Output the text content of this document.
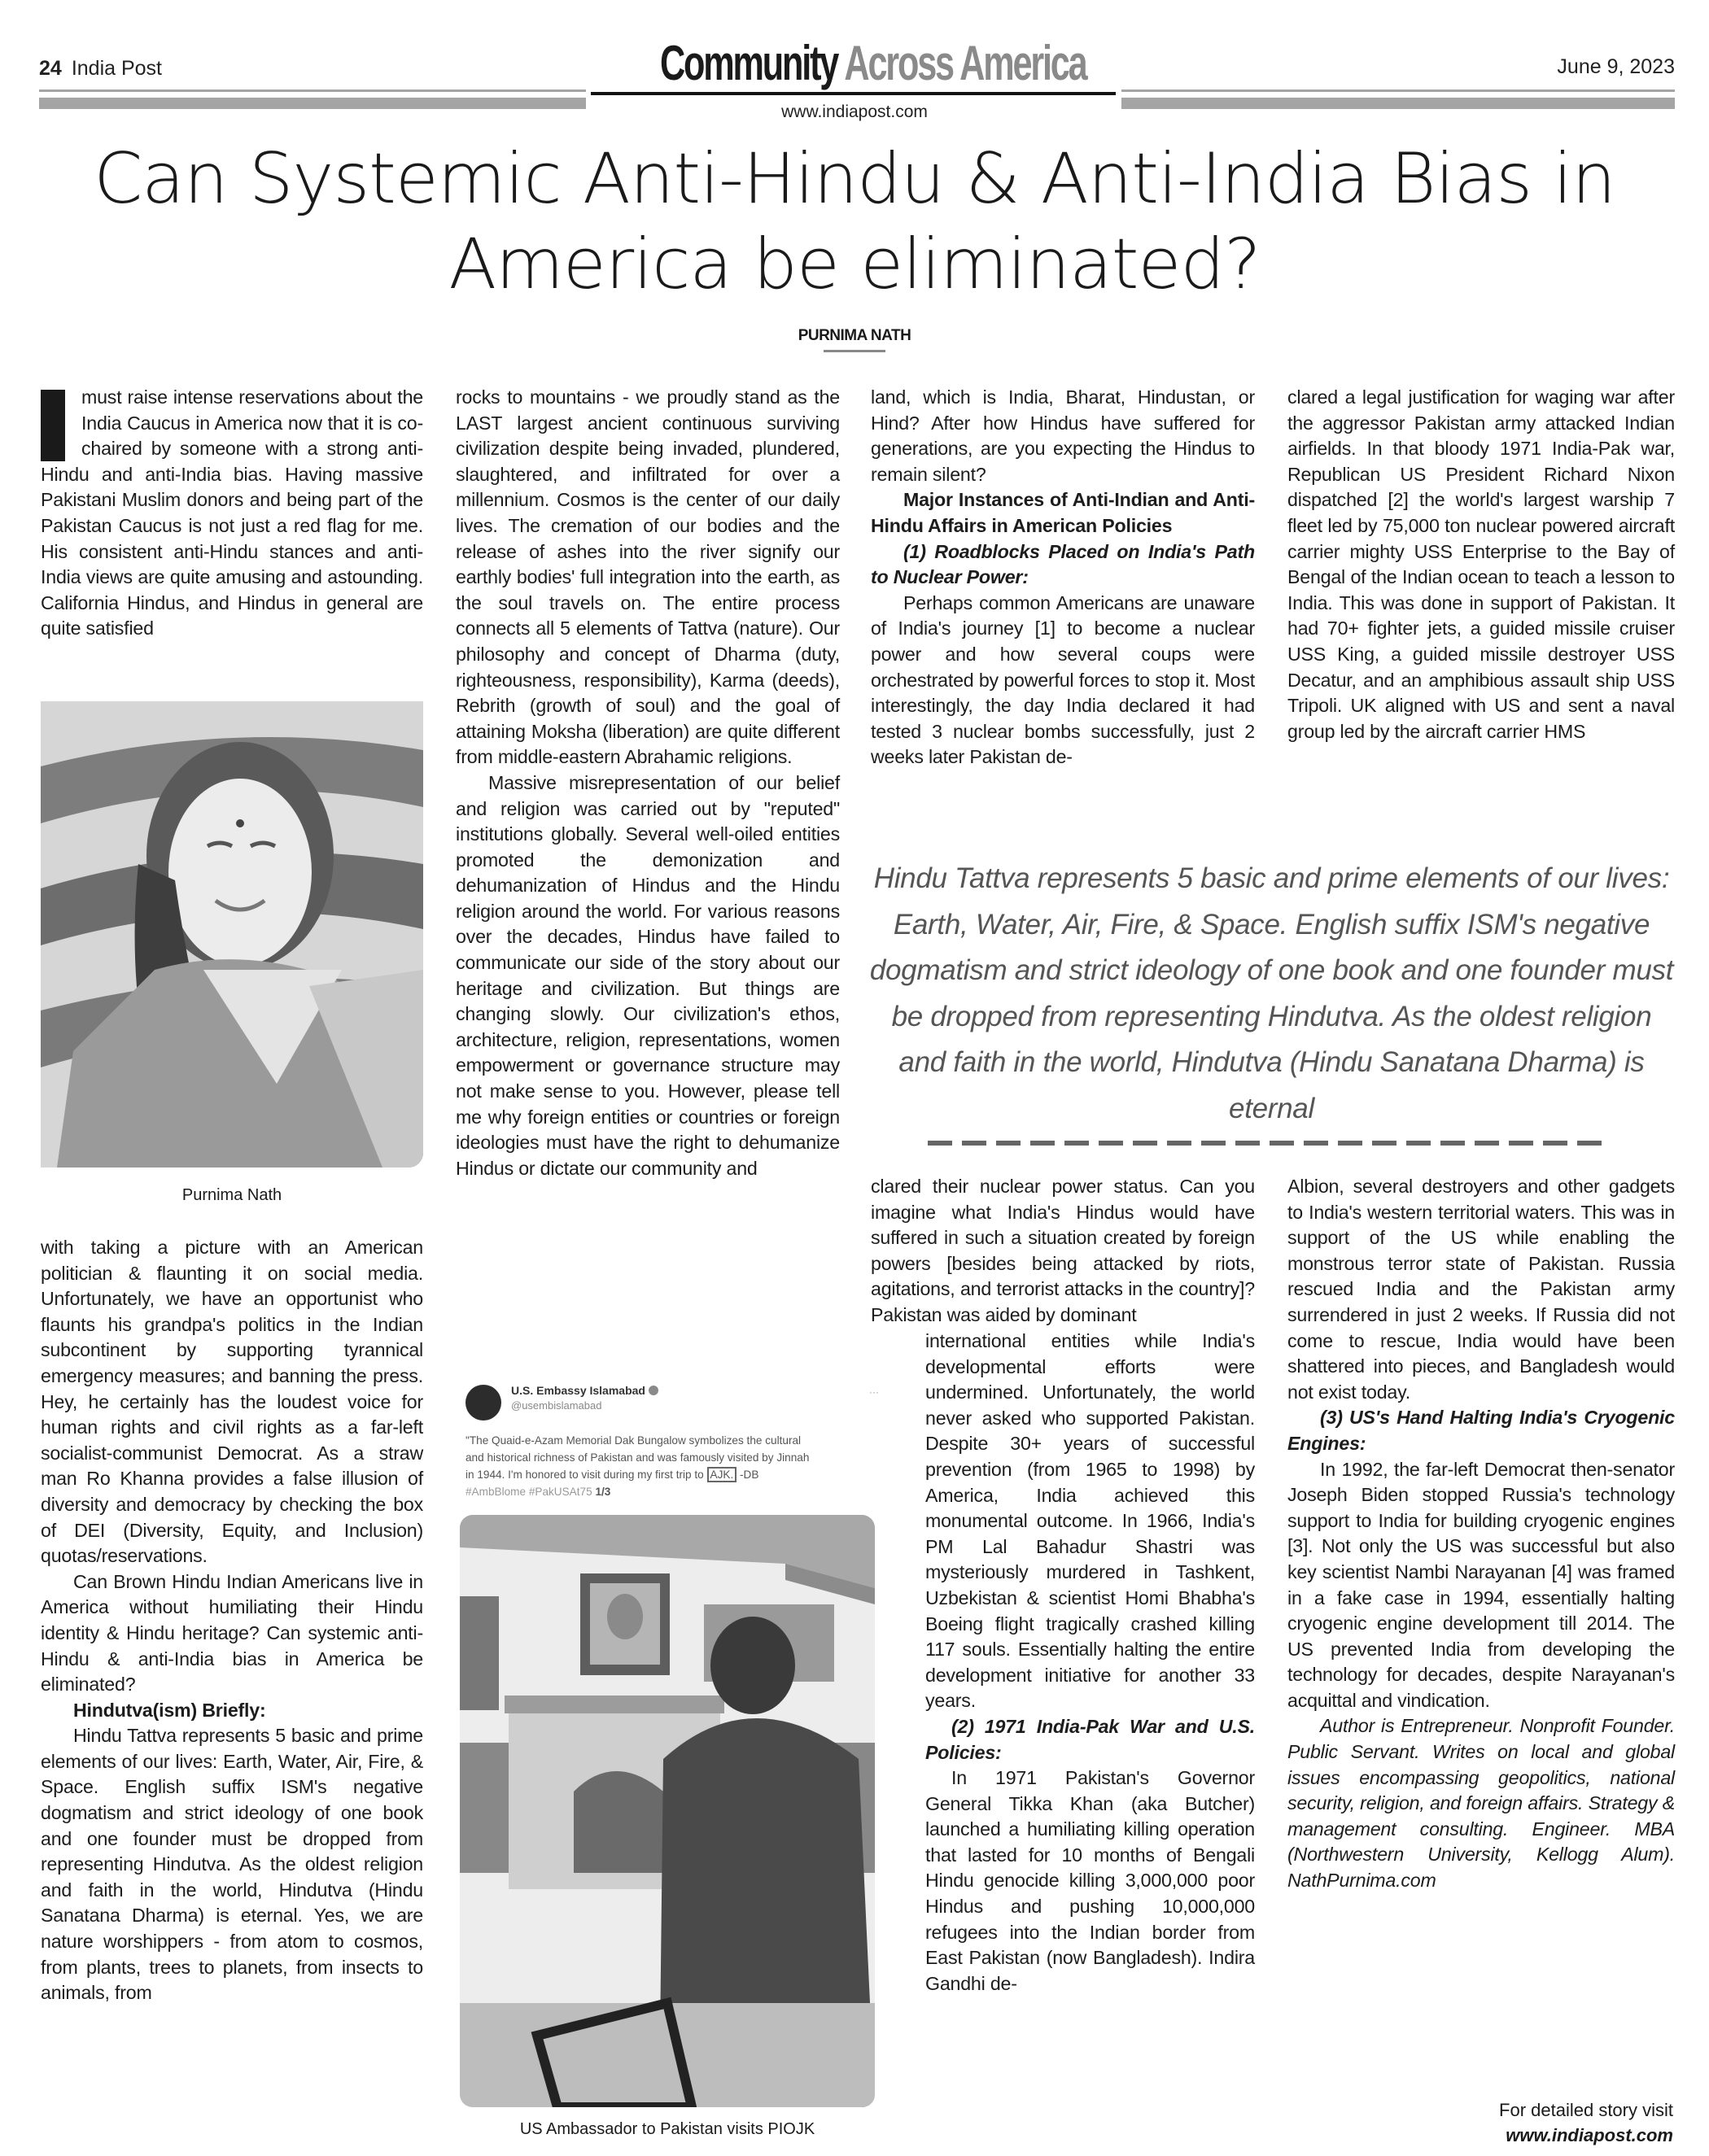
24 India Post	Community Across America	June 9, 2023
www.indiapost.com
Can Systemic Anti-Hindu & Anti-India Bias in
America be eliminated?
PURNIMA NATH

must raise intense reservations about the India Caucus in America now that it is co-chaired by someone with a strong anti-Hindu and anti-India bias. Having massive Pakistani Muslim donors and being part of the Pakistan Caucus is not just a red flag for me. His consistent anti-Hindu stances and anti-India views are quite amusing and astounding. California Hindus, and Hindus in general are quite satisfied

Purnima Nath

with taking a picture with an American politician & flaunting it on social media. Unfortunately, we have an opportunist who flaunts his grandpa's politics in the Indian subcontinent by supporting tyrannical emergency measures; and banning the press. Hey, he certainly has the loudest voice for human rights and civil rights as a far-left socialist-communist Democrat. As a straw man Ro Khanna provides a false illusion of diversity and democracy by checking the box of DEI (Diversity, Equity, and Inclusion) quotas/reservations.

Can Brown Hindu Indian Americans live in America without humiliating their Hindu identity & Hindu heritage? Can systemic anti-Hindu & anti-India bias in America be eliminated?

Hindutva(ism) Briefly:

Hindu Tattva represents 5 basic and prime elements of our lives: Earth, Water, Air, Fire, & Space. English suffix ISM's negative dogmatism and strict ideology of one book and one founder must be dropped from representing Hindutva. As the oldest religion and faith in the world, Hindutva (Hindu Sanatana Dharma) is eternal. Yes, we are nature worshippers - from atom to cosmos, from plants, trees to planets, from insects to animals, from

rocks to mountains - we proudly stand as the LAST largest ancient continuous surviving civilization despite being invaded, plundered, slaughtered, and infiltrated for over a millennium. Cosmos is the center of our daily lives. The cremation of our bodies and the release of ashes into the river signify our earthly bodies' full integration into the earth, as the soul travels on. The entire process connects all 5 elements of Tattva (nature). Our philosophy and concept of Dharma (duty, righteousness, responsibility), Karma (deeds), Rebrith (growth of soul) and the goal of attaining Moksha (liberation) are quite different from middle-eastern Abrahamic religions.

Massive misrepresentation of our belief and religion was carried out by "reputed" institutions globally. Several well-oiled entities promoted the demonization and dehumanization of Hindus and the Hindu religion around the world. For various reasons over the decades, Hindus have failed to communicate our side of the story about our heritage and civilization. But things are changing slowly. Our civilization's ethos, architecture, religion, representations, women empowerment or governance structure may not make sense to you. However, please tell me why foreign entities or countries or foreign ideologies must have the right to dehumanize Hindus or dictate our community and

U.S. Embassy Islamabad
@usembislamabad
···
"The Quaid-e-Azam Memorial Dak Bungalow symbolizes the cultural
and historical richness of Pakistan and was famously visited by Jinnah
in 1944. I'm honored to visit during my first trip to AJK. -DB
#AmbBlome #PakUSAt75 1/3
US Ambassador to Pakistan visits PIOJK

land, which is India, Bharat, Hindustan, or Hind? After how Hindus have suffered for generations, are you expecting the Hindus to remain silent?

Major Instances of Anti-Indian and Anti-Hindu Affairs in American Policies

(1) Roadblocks Placed on India's Path to Nuclear Power:

Perhaps common Americans are unaware of India's journey [1] to become a nuclear power and how several coups were orchestrated by powerful forces to stop it. Most interestingly, the day India declared it had tested 3 nuclear bombs successfully, just 2 weeks later Pakistan de-

clared a legal justification for waging war after the aggressor Pakistan army attacked Indian airfields. In that bloody 1971 India-Pak war, Republican US President Richard Nixon dispatched [2] the world's largest warship 7 fleet led by 75,000 ton nuclear powered aircraft carrier mighty USS Enterprise to the Bay of Bengal of the Indian ocean to teach a lesson to India. This was done in support of Pakistan. It had 70+ fighter jets, a guided missile cruiser USS King, a guided missile destroyer USS Decatur, and an amphibious assault ship USS Tripoli. UK aligned with US and sent a naval group led by the aircraft carrier HMS

Hindu Tattva represents 5 basic and prime elements of our lives: Earth, Water, Air, Fire, & Space. English suffix ISM's negative dogmatism and strict ideology of one book and one founder must be dropped from representing Hindutva. As the oldest religion and faith in the world, Hindutva (Hindu Sanatana Dharma) is eternal

clared their nuclear power status. Can you imagine what India's Hindus would have suffered in such a situation created by foreign powers [besides being attacked by riots, agitations, and terrorist attacks in the country]? Pakistan was aided by dominant

international entities while India's developmental efforts were undermined. Unfortunately, the world never asked who supported Pakistan. Despite 30+ years of successful prevention (from 1965 to 1998) by America, India achieved this monumental outcome. In 1966, India's PM Lal Bahadur Shastri was mysteriously murdered in Tashkent, Uzbekistan & scientist Homi Bhabha's Boeing flight tragically crashed killing 117 souls. Essentially halting the entire development initiative for another 33 years.

(2) 1971 India-Pak War and U.S. Policies:

In 1971 Pakistan's Governor General Tikka Khan (aka Butcher) launched a humiliating killing operation that lasted for 10 months of Bengali Hindu genocide killing 3,000,000 poor Hindus and pushing 10,000,000 refugees into the Indian border from East Pakistan (now Bangladesh). Indira Gandhi de-

Albion, several destroyers and other gadgets to India's western territorial waters. This was in support of the US while enabling the monstrous terror state of Pakistan. Russia rescued India and the Pakistan army surrendered in just 2 weeks. If Russia did not come to rescue, India would have been shattered into pieces, and Bangladesh would not exist today.

(3) US's Hand Halting India's Cryogenic Engines:

In 1992, the far-left Democrat then-senator Joseph Biden stopped Russia's technology support to India for building cryogenic engines [3]. Not only the US was successful but also key scientist Nambi Narayanan [4] was framed in a fake case in 1994, essentially halting cryogenic engine development till 2014. The US prevented India from developing the technology for decades, despite Narayanan's acquittal and vindication.

Author is Entrepreneur. Nonprofit Founder. Public Servant. Writes on local and global issues encompassing geopolitics, national security, religion, and foreign affairs. Strategy & management consulting. Engineer. MBA (Northwestern University, Kellogg Alum). NathPurnima.com

For detailed story visit
www.indiapost.com
